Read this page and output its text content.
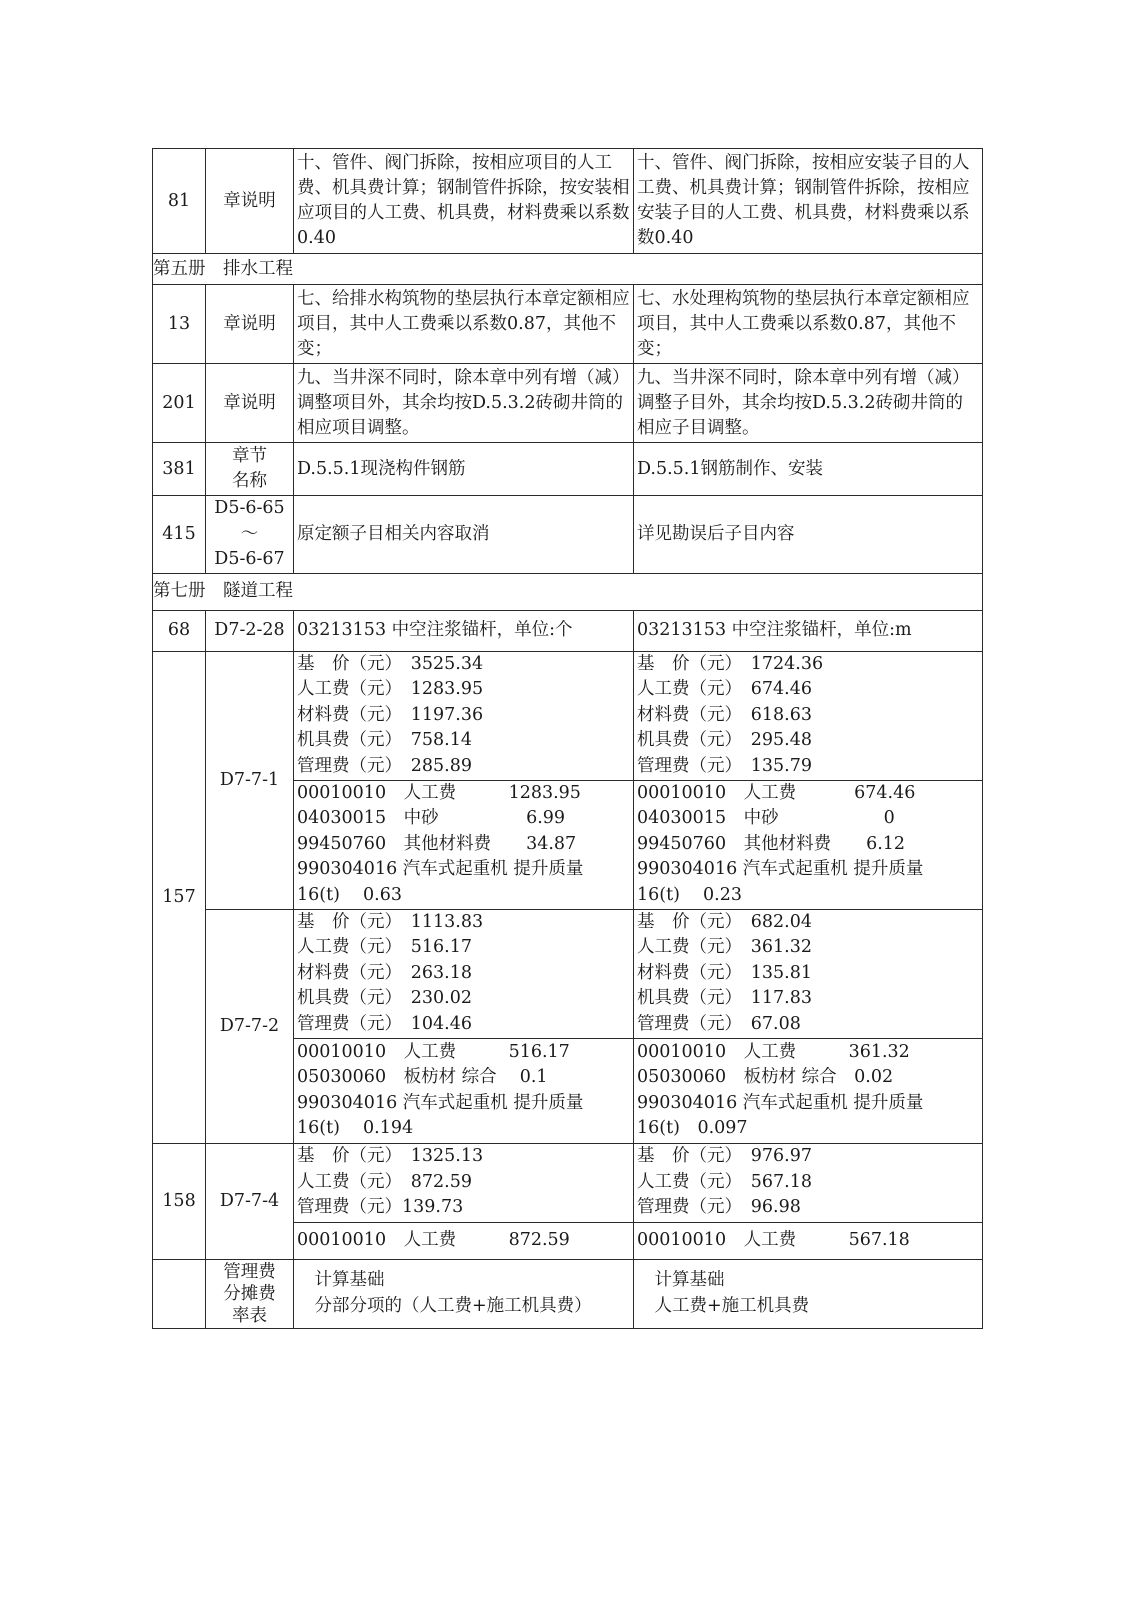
81	章说明	十、管件、阀门拆除，按相应项目的人工费、机具费计算；钢制管件拆除，按安装相应项目的人工费、机具费，材料费乘以系数0.40	十、管件、阀门拆除，按相应安装子目的人工费、机具费计算；钢制管件拆除，按相应安装子目的人工费、机具费，材料费乘以系数0.40

第五册　排水工程			
13	章说明	七、给排水构筑物的垫层执行本章定额相应项目，其中人工费乘以系数0.87，其他不变；	七、水处理构筑物的垫层执行本章定额相应项目，其中人工费乘以系数0.87，其他不变；

201	章说明	九、当井深不同时，除本章中列有增（减）调整项目外，其余均按D.5.3.2砖砌井筒的相应项目调整。	九、当井深不同时，除本章中列有增（减）调整子目外，其余均按D.5.3.2砖砌井筒的相应子目调整。

381	章节
名称	D.5.5.1现浇构件钢筋	D.5.5.1钢筋制作、安装
415	D5-6-65
～
D5-6-67	原定额子目相关内容取消	详见勘误后子目内容
第七册　隧道工程			
68	D7-2-28	03213153 中空注浆锚杆，单位:个	03213153 中空注浆锚杆，单位:m
157	D7-7-1	基　价（元）　3525.34
人工费（元）　1283.95
材料费（元）　1197.36
机具费（元）　758.14
管理费（元）　285.89	基　价（元）　1724.36
人工费（元）　674.46
材料费（元）　618.63
机具费（元）　295.48
管理费（元）　135.79
		00010010　人工费　　　1283.95
04030015　中砂　　　　　6.99
99450760　其他材料费　　34.87
990304016 汽车式起重机 提升质量
16(t)　 0.63	00010010　人工费　　　 674.46
04030015　中砂　　　　　　0
99450760　其他材料费　　6.12
990304016 汽车式起重机 提升质量
16(t)　 0.23
	D7-7-2	基　价（元）　1113.83
人工费（元）　516.17
材料费（元）　263.18
机具费（元）　230.02
管理费（元）　104.46	基　价（元）　682.04
人工费（元）　361.32
材料费（元）　135.81
机具费（元）　117.83
管理费（元）　67.08
		00010010　人工费　　　516.17
05030060　板枋材 综合　 0.1
990304016 汽车式起重机 提升质量
16(t)　 0.194	00010010　人工费　　　361.32
05030060　板枋材 综合　0.02
990304016 汽车式起重机 提升质量
16(t)　0.097
158	D7-7-4	基　价（元）　1325.13
人工费（元）　872.59
管理费（元）139.73	基　价（元）　976.97
人工费（元）　567.18
管理费（元）　96.98
		00010010　人工费　　　872.59	00010010　人工费　　　567.18
	管理费
分摊费
率表	　计算基础
　分部分项的（人工费+施工机具费）	　计算基础
　人工费+施工机具费
